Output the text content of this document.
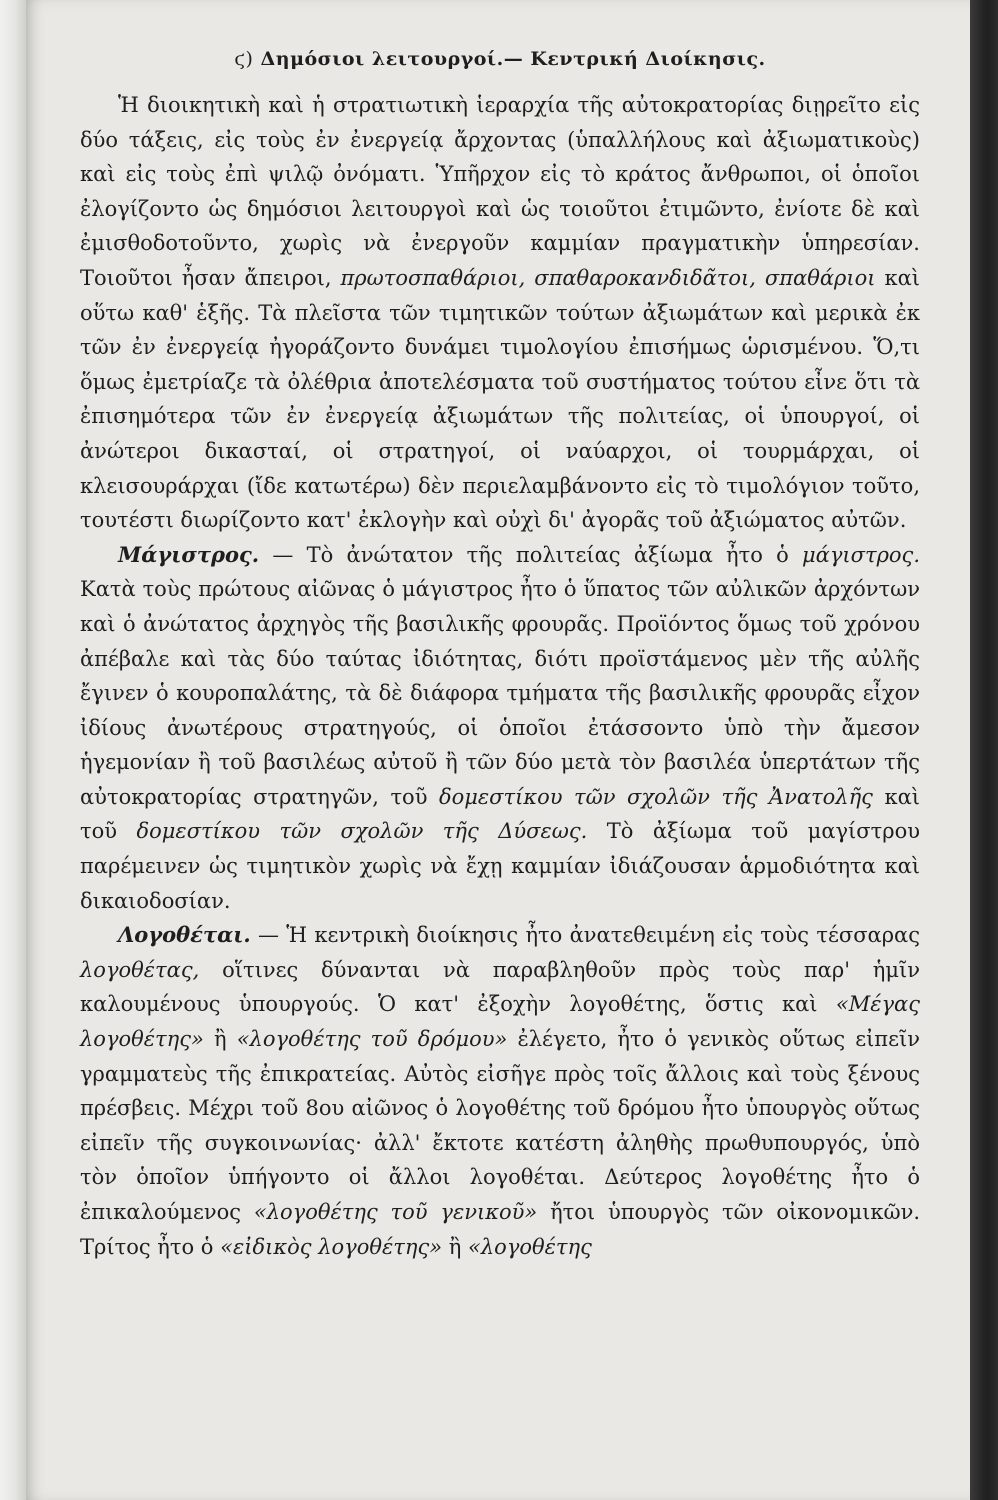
ϛ) Δημόσιοι λειτουργοί.— Κεντρική Διοίκησις.

Ἡ διοικητικὴ καὶ ἡ στρατιωτικὴ ἱεραρχία τῆς αὐτοκρατορίας διῃρεῖτο εἰς δύο τάξεις, εἰς τοὺς ἐν ἐνεργείᾳ ἄρχοντας (ὑπαλλήλους καὶ ἀξιωματικοὺς) καὶ εἰς τοὺς ἐπὶ ψιλῷ ὀνόματι. Ὑπῆρχον εἰς τὸ κράτος ἄνθρωποι, οἱ ὁποῖοι ἐλογίζοντο ὡς δημόσιοι λειτουργοὶ καὶ ὡς τοιοῦτοι ἐτιμῶντο, ἐνίοτε δὲ καὶ ἐμισθοδοτοῦντο, χωρὶς νὰ ἐνεργοῦν καμμίαν πραγματικὴν ὑπηρεσίαν. Τοιοῦτοι ἦσαν ἄπειροι, πρωτοσπαθάριοι, σπαθαροκανδιδᾶτοι, σπαθάριοι καὶ οὕτω καθ' ἑξῆς. Τὰ πλεῖστα τῶν τιμητικῶν τούτων ἀξιωμάτων καὶ μερικὰ ἐκ τῶν ἐν ἐνεργείᾳ ἠγοράζοντο δυνάμει τιμολογίου ἐπισήμως ὡρισμένου. Ὅ,τι ὅμως ἐμετρίαζε τὰ ὀλέθρια ἀποτελέσματα τοῦ συστήματος τούτου εἶνε ὅτι τὰ ἐπισημότερα τῶν ἐν ἐνεργείᾳ ἀξιωμάτων τῆς πολιτείας, οἱ ὑπουργοί, οἱ ἀνώτεροι δικασταί, οἱ στρατηγοί, οἱ ναύαρχοι, οἱ τουρμάρχαι, οἱ κλεισουράρχαι (ἴδε κατωτέρω) δὲν περιελαμβάνοντο εἰς τὸ τιμολόγιον τοῦτο, τουτέστι διωρίζοντο κατ' ἐκλογὴν καὶ οὐχὶ δι' ἀγορᾶς τοῦ ἀξιώματος αὐτῶν.

Μάγιστρος. — Τὸ ἀνώτατον τῆς πολιτείας ἀξίωμα ἦτο ὁ μάγιστρος. Κατὰ τοὺς πρώτους αἰῶνας ὁ μάγιστρος ἦτο ὁ ὕπατος τῶν αὐλικῶν ἀρχόντων καὶ ὁ ἀνώτατος ἀρχηγὸς τῆς βασιλικῆς φρουρᾶς. Προϊόντος ὅμως τοῦ χρόνου ἀπέβαλε καὶ τὰς δύο ταύτας ἰδιότητας, διότι προϊστάμενος μὲν τῆς αὐλῆς ἔγινεν ὁ κουροπαλάτης, τὰ δὲ διάφορα τμήματα τῆς βασιλικῆς φρουρᾶς εἶχον ἰδίους ἀνωτέρους στρατηγούς, οἱ ὁποῖοι ἐτάσσοντο ὑπὸ τὴν ἄμεσον ἡγεμονίαν ἢ τοῦ βασιλέως αὐτοῦ ἢ τῶν δύο μετὰ τὸν βασιλέα ὑπερτάτων τῆς αὐτοκρατορίας στρατηγῶν, τοῦ δομεστίκου τῶν σχολῶν τῆς Ἀνατολῆς καὶ τοῦ δομεστίκου τῶν σχολῶν τῆς Δύσεως. Τὸ ἀξίωμα τοῦ μαγίστρου παρέμεινεν ὡς τιμητικὸν χωρὶς νὰ ἔχῃ καμμίαν ἰδιάζουσαν ἁρμοδιότητα καὶ δικαιοδοσίαν.

Λογοθέται. — Ἡ κεντρικὴ διοίκησις ἦτο ἀνατεθειμένη εἰς τοὺς τέσσαρας λογοθέτας, οἵτινες δύνανται νὰ παραβληθοῦν πρὸς τοὺς παρ' ἡμῖν καλουμένους ὑπουργούς. Ὁ κατ' ἐξοχὴν λογοθέτης, ὅστις καὶ «Μέγας λογοθέτης» ἢ «λογοθέτης τοῦ δρόμου» ἐλέγετο, ἦτο ὁ γενικὸς οὕτως εἰπεῖν γραμματεὺς τῆς ἐπικρατείας. Αὐτὸς εἰσῆγε πρὸς τοῖς ἄλλοις καὶ τοὺς ξένους πρέσβεις. Μέχρι τοῦ 8ου αἰῶνος ὁ λογοθέτης τοῦ δρόμου ἦτο ὑπουργὸς οὕτως εἰπεῖν τῆς συγκοινωνίας· ἀλλ' ἔκτοτε κατέστη ἀληθὴς πρωθυπουργός, ὑπὸ τὸν ὁποῖον ὑπήγοντο οἱ ἄλλοι λογοθέται. Δεύτερος λογοθέτης ἦτο ὁ ἐπικαλούμενος «λογοθέτης τοῦ γενικοῦ» ἤτοι ὑπουργὸς τῶν οἰκονομικῶν. Τρίτος ἦτο ὁ «εἰδικὸς λογοθέτης» ἢ «λογοθέτης
